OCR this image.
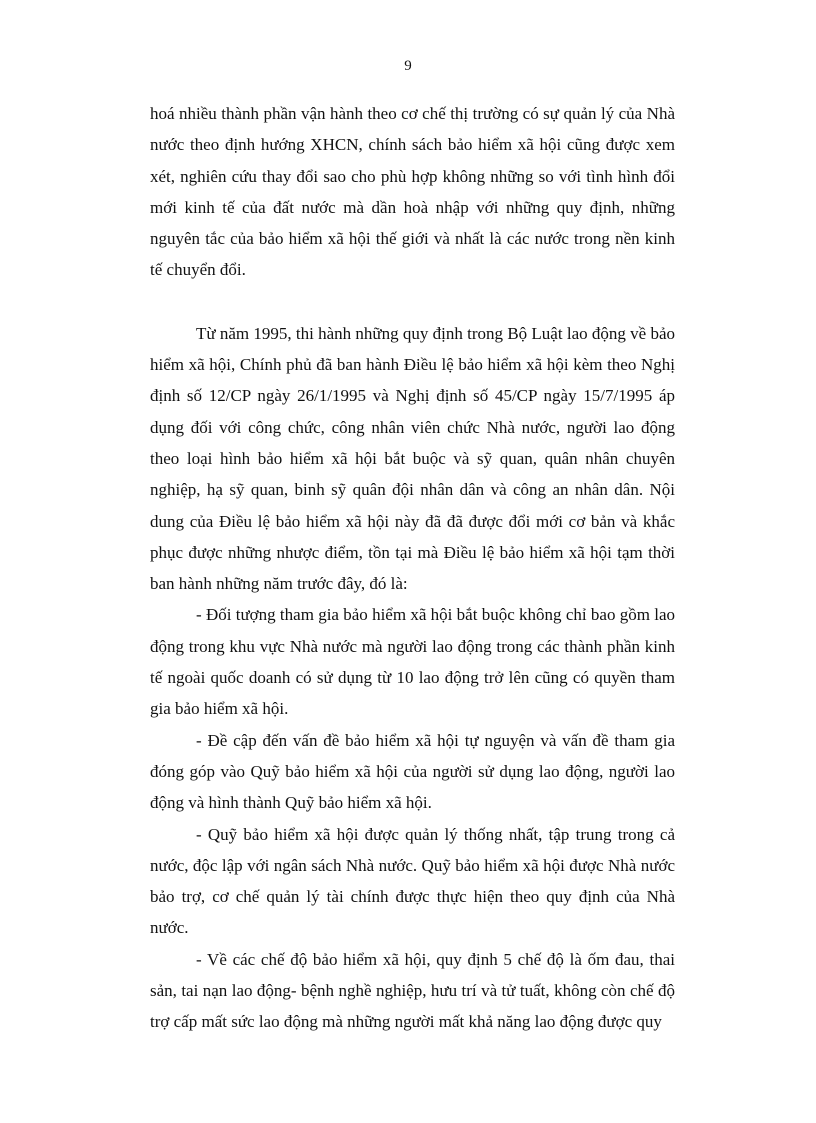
9

hoá nhiều thành phần vận hành theo cơ chế thị trường có sự quản lý của Nhà nước theo định hướng XHCN, chính sách bảo hiểm xã hội cũng được xem xét, nghiên cứu thay đổi sao cho phù hợp không những so với tình hình đổi mới kinh tế của đất nước mà dần hoà nhập với những quy định, những nguyên tắc của bảo hiểm xã hội thế giới và nhất là các nước trong nền kinh tế chuyển đổi.

Từ năm 1995, thi hành những quy định trong Bộ Luật lao động về bảo hiểm xã hội, Chính phủ đã ban hành Điều lệ bảo hiểm xã hội kèm theo Nghị định số 12/CP ngày 26/1/1995 và Nghị định số 45/CP ngày 15/7/1995 áp dụng đối với công chức, công nhân viên chức Nhà nước, người lao động theo loại hình bảo hiểm xã hội bắt buộc và sỹ quan, quân nhân chuyên nghiệp, hạ sỹ quan, binh sỹ quân đội nhân dân và công an nhân dân. Nội dung của Điều lệ bảo hiểm xã hội này đã đã được đổi mới cơ bản và khắc phục được những nhược điểm, tồn tại mà Điều lệ bảo hiểm xã hội tạm thời ban hành những năm trước đây, đó là:

- Đối tượng tham gia bảo hiểm xã hội bắt buộc không chỉ bao gồm lao động trong khu vực Nhà nước mà người lao động trong các thành phần kinh tế ngoài quốc doanh có sử dụng từ 10 lao động trở lên cũng có quyền tham gia bảo hiểm xã hội.

- Đề cập đến vấn đề bảo hiểm xã hội tự nguyện và vấn đề tham gia đóng góp vào Quỹ bảo hiểm xã hội của người sử dụng lao động, người lao động và hình thành Quỹ bảo hiểm xã hội.

- Quỹ bảo hiểm xã hội được quản lý thống nhất, tập trung trong cả nước, độc lập với ngân sách Nhà nước. Quỹ bảo hiểm xã hội được Nhà nước bảo trợ, cơ chế quản lý tài chính được thực hiện theo quy định của Nhà nước.

- Về các chế độ bảo hiểm xã hội, quy định 5 chế độ là ốm đau, thai sản, tai nạn lao động- bệnh nghề nghiệp, hưu trí và tử tuất, không còn chế độ trợ cấp mất sức lao động mà những người mất khả năng lao động được quy
